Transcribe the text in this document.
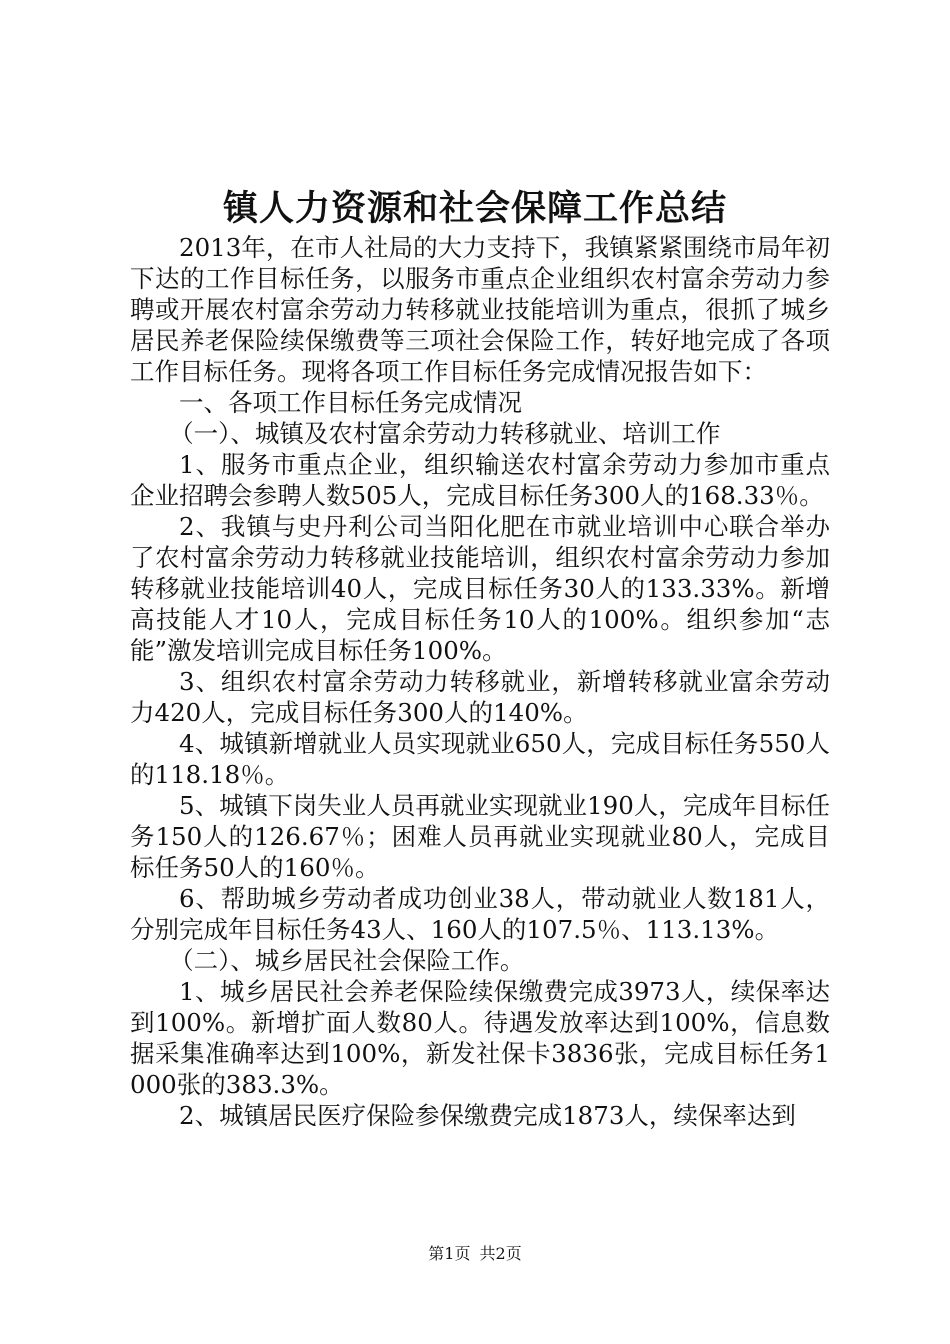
镇人力资源和社会保障工作总结

2013年，在市人社局的大力支持下，我镇紧紧围绕市局年初下达的工作目标任务，以服务市重点企业组织农村富余劳动力参聘或开展农村富余劳动力转移就业技能培训为重点，很抓了城乡居民养老保险续保缴费等三项社会保险工作，转好地完成了各项工作目标任务。现将各项工作目标任务完成情况报告如下：

一、各项工作目标任务完成情况

（一）、城镇及农村富余劳动力转移就业、培训工作

1、服务市重点企业，组织输送农村富余劳动力参加市重点企业招聘会参聘人数505人，完成目标任务300人的168.33％。

2、我镇与史丹利公司当阳化肥在市就业培训中心联合举办了农村富余劳动力转移就业技能培训，组织农村富余劳动力参加转移就业技能培训40人，完成目标任务30人的133.33%。新增高技能人才10人，完成目标任务10人的100%。组织参加“志能”激发培训完成目标任务100%。

3、组织农村富余劳动力转移就业，新增转移就业富余劳动力420人，完成目标任务300人的140%。

4、城镇新增就业人员实现就业650人，完成目标任务550人的118.18％。

5、城镇下岗失业人员再就业实现就业190人，完成年目标任务150人的126.67％；困难人员再就业实现就业80人，完成目标任务50人的160％。

6、帮助城乡劳动者成功创业38人，带动就业人数181人，分别完成年目标任务43人、160人的107.5％、113.13%。

（二）、城乡居民社会保险工作。

1、城乡居民社会养老保险续保缴费完成3973人，续保率达到100%。新增扩面人数80人。待遇发放率达到100%，信息数据采集准确率达到100%，新发社保卡3836张，完成目标任务1000张的383.3%。

2、城镇居民医疗保险参保缴费完成1873人，续保率达到

第1页 共2页
